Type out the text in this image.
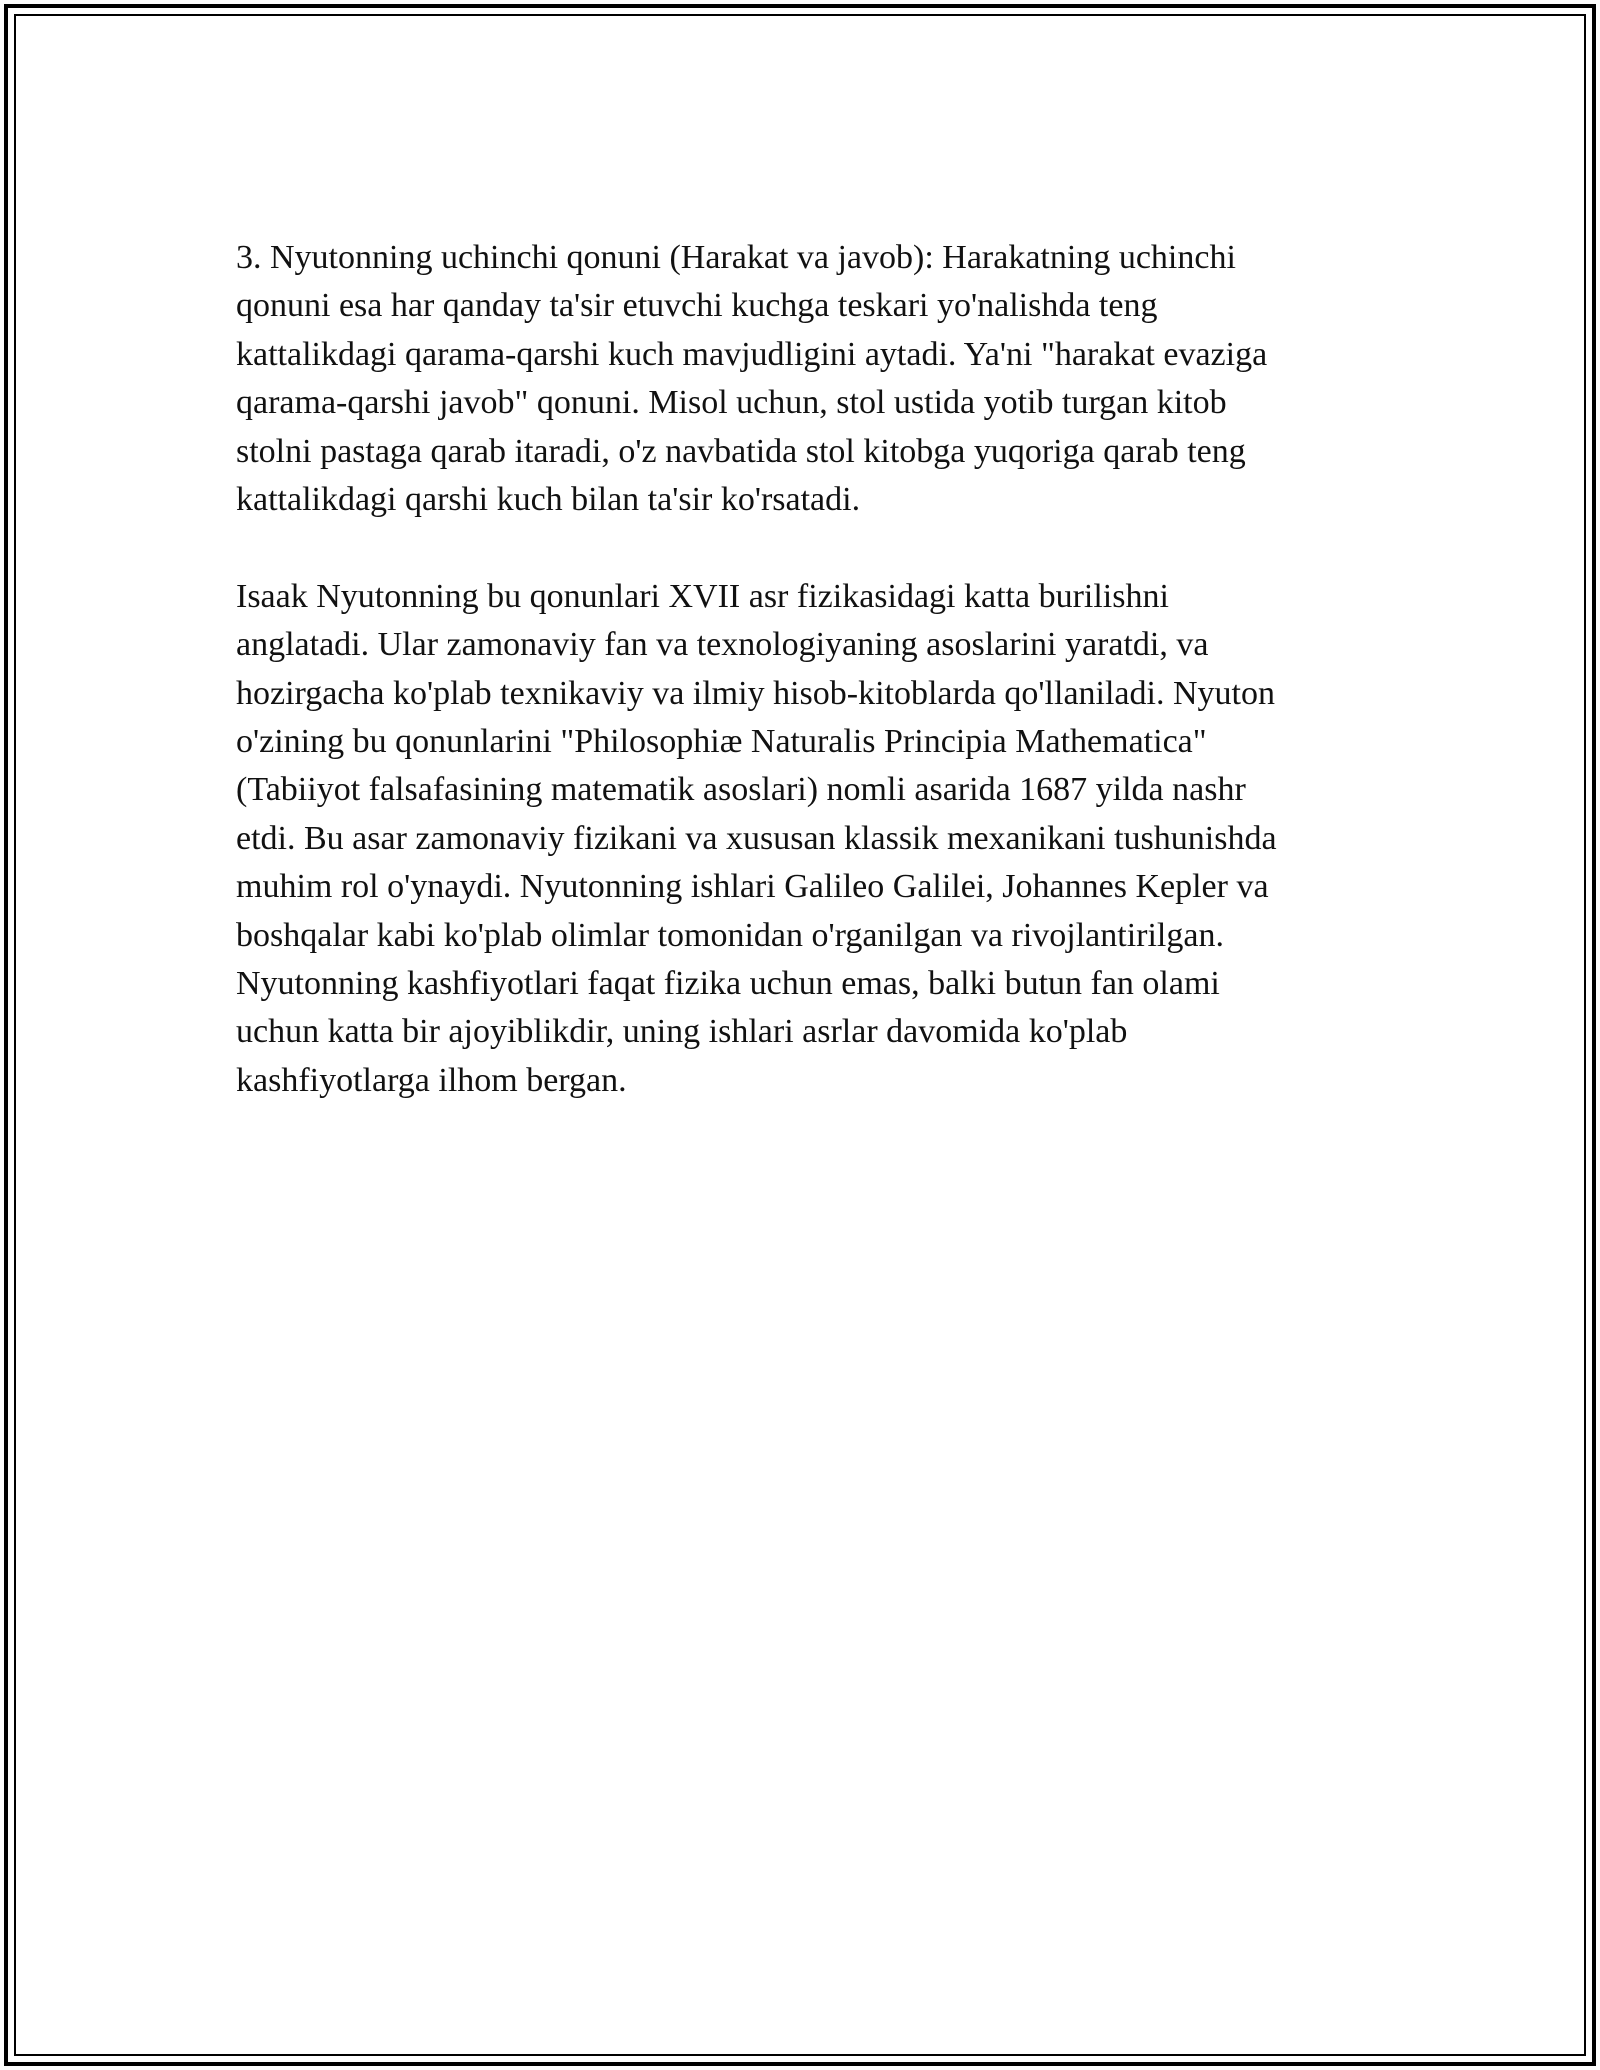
3. Nyutonning uchinchi qonuni (Harakat va javob): Harakatning uchinchi
qonuni esa har qanday ta'sir etuvchi kuchga teskari yo'nalishda teng
kattalikdagi qarama-qarshi kuch mavjudligini aytadi. Ya'ni "harakat evaziga
qarama-qarshi javob" qonuni. Misol uchun, stol ustida yotib turgan kitob
stolni pastaga qarab itaradi, o'z navbatida stol kitobga yuqoriga qarab teng
kattalikdagi qarshi kuch bilan ta'sir ko'rsatadi.

Isaak Nyutonning bu qonunlari XVII asr fizikasidagi katta burilishni
anglatadi. Ular zamonaviy fan va texnologiyaning asoslarini yaratdi, va
hozirgacha ko'plab texnikaviy va ilmiy hisob-kitoblarda qo'llaniladi. Nyuton
o'zining bu qonunlarini "Philosophiæ Naturalis Principia Mathematica"
(Tabiiyot falsafasining matematik asoslari) nomli asarida 1687 yilda nashr
etdi. Bu asar zamonaviy fizikani va xususan klassik mexanikani tushunishda
muhim rol o'ynaydi. Nyutonning ishlari Galileo Galilei, Johannes Kepler va
boshqalar kabi ko'plab olimlar tomonidan o'rganilgan va rivojlantirilgan.
Nyutonning kashfiyotlari faqat fizika uchun emas, balki butun fan olami
uchun katta bir ajoyiblikdir, uning ishlari asrlar davomida ko'plab
kashfiyotlarga ilhom bergan.
